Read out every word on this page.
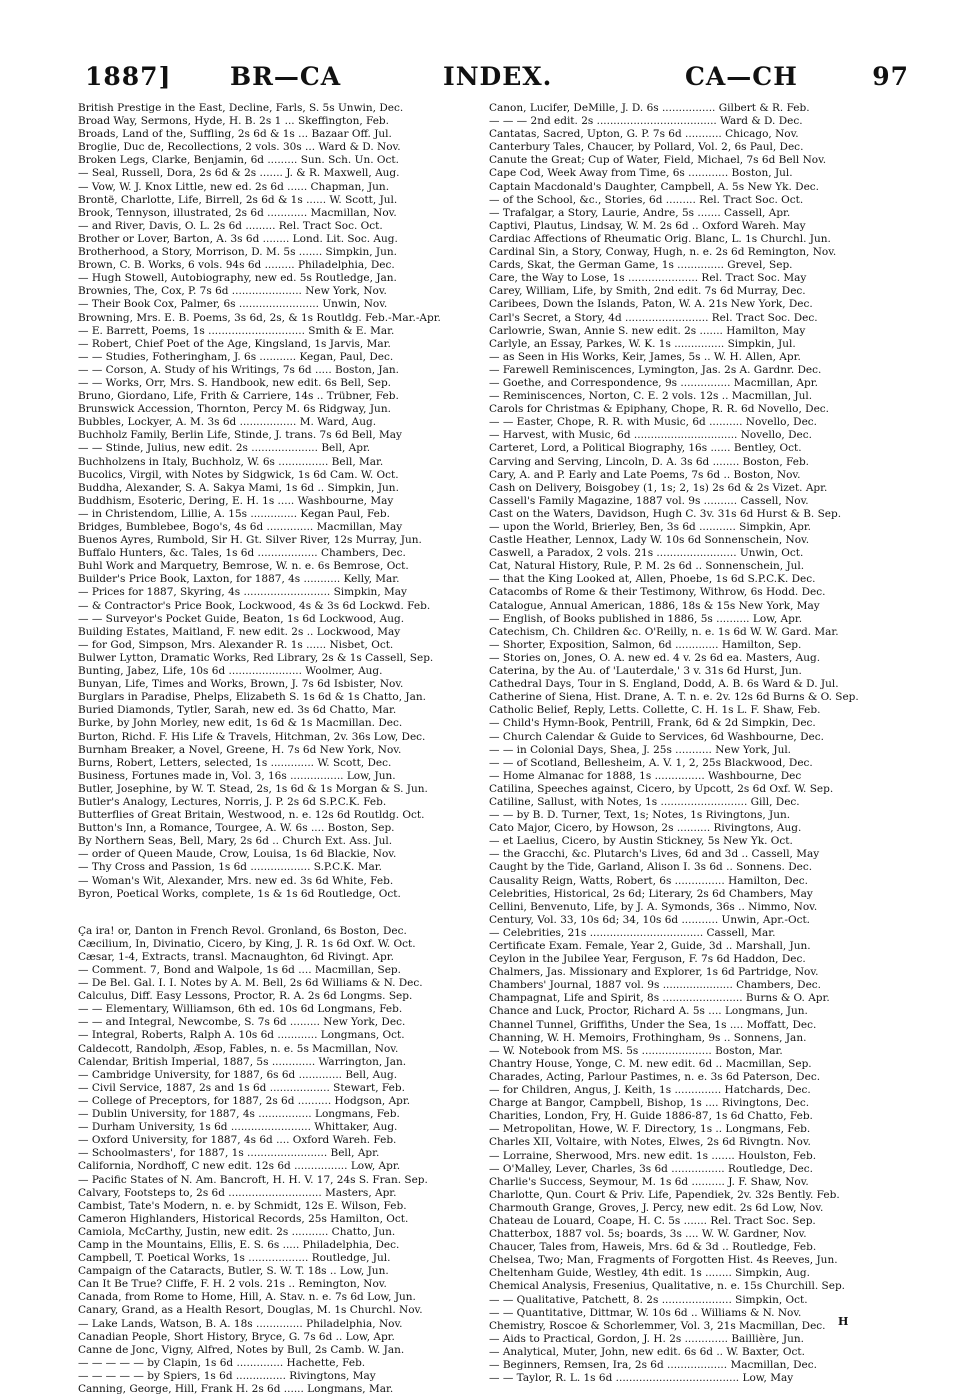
1887] BR—CA	INDEX.	CA—CH	97
British Prestige in the East, Decline, Farls, S. 5s Unwin, Dec.
Broad Way, Sermons, Hyde, H. B. 2s 1 ... Skeffington, Feb.
Broads, Land of the, Suffling, 2s 6d & 1s ... Bazaar Off. Jul.
Broglie, Duc de, Recollections, 2 vols. 30s ... Ward & D. Nov.
Broken Legs, Clarke, Benjamin, 6d ......... Sun. Sch. Un. Oct.
— Seal, Russell, Dora, 2s 6d & 2s ....... J. & R. Maxwell, Aug.
— Vow, W. J. Knox Little, new ed. 2s 6d ...... Chapman, Jun.
Brontë, Charlotte, Life, Birrell, 2s 6d & 1s ...... W. Scott, Jul.
Brook, Tennyson, illustrated, 2s 6d ............ Macmillan, Nov.
— and River, Davis, O. L. 2s 6d ......... Rel. Tract Soc. Oct.
Brother or Lover, Barton, A. 3s 6d ........ Lond. Lit. Soc. Aug.
Brotherhood, a Story, Morrison, D. M. 5s ....... Simpkin, Jun.
Brown, C. B. Works, 6 vols. 94s 6d ......... Philadelphia, Dec.
— Hugh Stowell, Autobiography, new ed. 5s Routledge, Jan.
Brownies, The, Cox, P. 7s 6d ..................... New York, Nov.
— Their Book Cox, Palmer, 6s ........................ Unwin, Nov.
Browning, Mrs. E. B. Poems, 3s 6d, 2s, & 1s Routldg. Feb.-Mar.-Apr.
— E. Barrett, Poems, 1s ............................. Smith & E. Mar.
— Robert, Chief Poet of the Age, Kingsland, 1s Jarvis, Mar.
— — Studies, Fotheringham, J. 6s ........... Kegan, Paul, Dec.
— — Corson, A. Study of his Writings, 7s 6d ..... Boston, Jan.
— — Works, Orr, Mrs. S. Handbook, new edit. 6s Bell, Sep.
Bruno, Giordano, Life, Frith & Carriere, 14s .. Trübner, Feb.
Brunswick Accession, Thornton, Percy M. 6s Ridgway, Jun.
Bubbles, Lockyer, A. M. 3s 6d ................. M. Ward, Aug.
Buchholz Family, Berlin Life, Stinde, J. trans. 7s 6d Bell, May
— — Stinde, Julius, new edit. 2s .................... Bell, Apr.
Buchholzens in Italy, Buchholz, W. 6s ............... Bell, Mar.
Bucolics, Virgil, with Notes by Sidgwick, 1s 6d Cam. W. Oct.
Buddha, Alexander, S. A. Sakya Mami, 1s 6d .. Simpkin, Jun.
Buddhism, Esoteric, Dering, E. H. 1s ..... Washbourne, May
— in Christendom, Lillie, A. 15s .............. Kegan Paul, Feb.
Bridges, Bumblebee, Bogo's, 4s 6d .............. Macmillan, May
Buenos Ayres, Rumbold, Sir H. Gt. Silver River, 12s Murray, Jun.
Buffalo Hunters, &c. Tales, 1s 6d .................. Chambers, Dec.
Buhl Work and Marquetry, Bemrose, W. n. e. 6s Bemrose, Oct.
Builder's Price Book, Laxton, for 1887, 4s ........... Kelly, Mar.
— Prices for 1887, Skyring, 4s .......................... Simpkin, May
— & Contractor's Price Book, Lockwood, 4s & 3s 6d Lockwd. Feb.
— — Surveyor's Pocket Guide, Beaton, 1s 6d Lockwood, Aug.
Building Estates, Maitland, F. new edit. 2s .. Lockwood, May
— for God, Simpson, Mrs. Alexander R. 1s ...... Nisbet, Oct.
Bulwer Lytton, Dramatic Works, Red Library, 2s & 1s Cassell, Sep.
Bunting, Jabez, Life, 10s 6d ...................... Woolmer, Aug.
Bunyan, Life, Times and Works, Brown, J. 7s 6d Isbister, Nov.
Burglars in Paradise, Phelps, Elizabeth S. 1s 6d & 1s Chatto, Jan.
Buried Diamonds, Tytler, Sarah, new ed. 3s 6d Chatto, Mar.
Burke, by John Morley, new edit, 1s 6d & 1s Macmillan. Dec.
Burton, Richd. F. His Life & Travels, Hitchman, 2v. 36s Low, Dec.
Burnham Breaker, a Novel, Greene, H. 7s 6d New York, Nov.
Burns, Robert, Letters, selected, 1s ............. W. Scott, Dec.
Business, Fortunes made in, Vol. 3, 16s ................ Low, Jun.
Butler, Josephine, by W. T. Stead, 2s, 1s 6d & 1s Morgan & S. Jun.
Butler's Analogy, Lectures, Norris, J. P. 2s 6d S.P.C.K. Feb.
Butterflies of Great Britain, Westwood, n. e. 12s 6d Routldg. Oct.
Button's Inn, a Romance, Tourgee, A. W. 6s .... Boston, Sep.
By Northern Seas, Bell, Mary, 2s 6d .. Church Ext. Ass. Jul.
— order of Queen Maude, Crow, Louisa, 1s 6d Blackie, Nov.
— Thy Cross and Passion, 1s 6d .................. S.P.C.K. Mar.
— Woman's Wit, Alexander, Mrs. new ed. 3s 6d White, Feb.
Byron, Poetical Works, complete, 1s & 1s 6d Routledge, Oct.
Ça ira! or, Danton in French Revol. Gronland, 6s Boston, Dec.
Cæcilium, In, Divinatio, Cicero, by King, J. R. 1s 6d Oxf. W. Oct.
Cæsar, 1-4, Extracts, transl. Macnaughton, 6d Rivingt. Apr.
— Comment. 7, Bond and Walpole, 1s 6d .... Macmillan, Sep.
— De Bel. Gal. I. I. Notes by A. M. Bell, 2s 6d Williams & N. Dec.
Calculus, Diff. Easy Lessons, Proctor, R. A. 2s 6d Longms. Sep.
— — Elementary, Williamson, 6th ed. 10s 6d Longmans, Feb.
— — and Integral, Newcombe, S. 7s 6d ......... New York, Dec.
— Integral, Roberts, Ralph A. 10s 6d ............ Longmans, Oct.
Caldecott, Randolph, Æsop, Fables, n. e. 5s Macmillan, Nov.
Calendar, British Imperial, 1887, 5s ............. Warrington, Jan.
— Cambridge University, for 1887, 6s 6d ............. Bell, Aug.
— Civil Service, 1887, 2s and 1s 6d .................. Stewart, Feb.
— College of Preceptors, for 1887, 2s 6d .......... Hodgson, Apr.
— Dublin University, for 1887, 4s ................ Longmans, Feb.
— Durham University, 1s 6d ........................ Whittaker, Aug.
— Oxford University, for 1887, 4s 6d .... Oxford Wareh. Feb.
— Schoolmasters', for 1887, 1s ........................ Bell, Apr.
California, Nordhoff, C new edit. 12s 6d ................ Low, Apr.
— Pacific States of N. Am. Bancroft, H. H. V. 17, 24s S. Fran. Sep.
Calvary, Footsteps to, 2s 6d ............................ Masters, Apr.
Cambist, Tate's Modern, n. e. by Schmidt, 12s E. Wilson, Feb.
Cameron Highlanders, Historical Records, 25s Hamilton, Oct.
Camiola, McCarthy, Justin, new edit. 2s ........... Chatto, Jun.
Camp in the Mountains, Ellis, E. S. 6s ..... Philadelphia, Dec.
Campbell, T. Poetical Works, 1s .................. Routledge, Jul.
Campaign of the Cataracts, Butler, S. W. T. 18s .. Low, Jun.
Can It Be True? Cliffe, F. H. 2 vols. 21s .. Remington, Nov.
Canada, from Rome to Home, Hill, A. Stav. n. e. 7s 6d Low, Jun.
Canary, Grand, as a Health Resort, Douglas, M. 1s Churchl. Nov.
— Lake Lands, Watson, B. A. 18s .............. Philadelphia, Nov.
Canadian People, Short History, Bryce, G. 7s 6d .. Low, Apr.
Canne de Jonc, Vigny, Alfred, Notes by Bull, 2s Camb. W. Jan.
— — — — — by Clapin, 1s 6d .............. Hachette, Feb.
— — — — — by Spiers, 1s 6d ............... Rivingtons, May
Canning, George, Hill, Frank H. 2s 6d ...... Longmans, Mar.
Canon, Lucifer, DeMille, J. D. 6s ................ Gilbert & R. Feb.
— — — 2nd edit. 2s .................................... Ward & D. Dec.
Cantatas, Sacred, Upton, G. P. 7s 6d ........... Chicago, Nov.
Canterbury Tales, Chaucer, by Pollard, Vol. 2, 6s Paul, Dec.
Canute the Great; Cup of Water, Field, Michael, 7s 6d Bell Nov.
Cape Cod, Week Away from Time, 6s ............ Boston, Jul.
Captain Macdonald's Daughter, Campbell, A. 5s New Yk. Dec.
— of the School, &c., Stories, 6d ......... Rel. Tract Soc. Oct.
— Trafalgar, a Story, Laurie, Andre, 5s ....... Cassell, Apr.
Captivi, Plautus, Lindsay, W. M. 2s 6d .. Oxford Wareh. May
Cardiac Affections of Rheumatic Orig. Blanc, L. 1s Churchl. Jun.
Cardinal Sin, a Story, Conway, Hugh, n. e. 2s 6d Remington, Nov.
Cards, Skat, the German Game, 1s .............. Grevel, Sep.
Care, the Way to Lose, 1s ..................... Rel. Tract Soc. May
Carey, William, Life, by Smith, 2nd edit. 7s 6d Murray, Dec.
Caribees, Down the Islands, Paton, W. A. 21s New York, Dec.
Carl's Secret, a Story, 4d ......................... Rel. Tract Soc. Dec.
Carlowrie, Swan, Annie S. new edit. 2s ....... Hamilton, May
Carlyle, an Essay, Parkes, W. K. 1s ............... Simpkin, Jul.
— as Seen in His Works, Keir, James, 5s .. W. H. Allen, Apr.
— Farewell Reminiscences, Lymington, Jas. 2s A. Gardnr. Dec.
— Goethe, and Correspondence, 9s ............... Macmillan, Apr.
— Reminiscences, Norton, C. E. 2 vols. 12s .. Macmillan, Jul.
Carols for Christmas & Epiphany, Chope, R. R. 6d Novello, Dec.
— — Easter, Chope, R. R. with Music, 6d .......... Novello, Dec.
— Harvest, with Music, 6d ............................... Novello, Dec.
Carteret, Lord, a Political Biography, 16s ...... Bentley, Oct.
Carving and Serving, Lincoln, D. A. 3s 6d ........ Boston, Feb.
Cary, A. and P. Early and Late Poems, 7s 6d .. Boston, Nov.
Cash on Delivery, Boisgobey (1, 1s; 2, 1s) 2s 6d & 2s Vizet. Apr.
Cassell's Family Magazine, 1887 vol. 9s .......... Cassell, Nov.
Cast on the Waters, Davidson, Hugh C. 3v. 31s 6d Hurst & B. Sep.
— upon the World, Brierley, Ben, 3s 6d ........... Simpkin, Apr.
Castle Heather, Lennox, Lady W. 10s 6d Sonnenschein, Nov.
Caswell, a Paradox, 2 vols. 21s ........................ Unwin, Oct.
Cat, Natural History, Rule, P. M. 2s 6d .. Sonnenschein, Jul.
— that the King Looked at, Allen, Phoebe, 1s 6d S.P.C.K. Dec.
Catacombs of Rome & their Testimony, Withrow, 6s Hodd. Dec.
Catalogue, Annual American, 1886, 18s & 15s New York, May
— English, of Books published in 1886, 5s .......... Low, Apr.
Catechism, Ch. Children &c. O'Reilly, n. e. 1s 6d W. W. Gard. Mar.
— Shorter, Exposition, Salmon, 6d ............. Hamilton, Sep.
— Stories on, Jones, O. A. new ed. 4 v. 2s 6d ea. Masters, Aug.
Caterina, by the Au. of 'Lauterdale,' 3 v. 31s 6d Hurst, Jun.
Cathedral Days, Tour in S. England, Dodd, A. B. 6s Ward & D. Jul.
Catherine of Siena, Hist. Drane, A. T. n. e. 2v. 12s 6d Burns & O. Sep.
Catholic Belief, Reply, Letts. Collette, C. H. 1s L. F. Shaw, Feb.
— Child's Hymn-Book, Pentrill, Frank, 6d & 2d Simpkin, Dec.
— Church Calendar & Guide to Services, 6d Washbourne, Dec.
— — in Colonial Days, Shea, J. 25s ........... New York, Jul.
— — of Scotland, Bellesheim, A. V. 1, 2, 25s Blackwood, Dec.
— Home Almanac for 1888, 1s ............... Washbourne, Dec
Catilina, Speeches against, Cicero, by Upcott, 2s 6d Oxf. W. Sep.
Catiline, Sallust, with Notes, 1s .......................... Gill, Dec.
— — by B. D. Turner, Text, 1s; Notes, 1s Rivingtons, Jun.
Cato Major, Cicero, by Howson, 2s .......... Rivingtons, Aug.
— et Laelius, Cicero, by Austin Stickney, 5s New Yk. Oct.
— the Gracchi, &c. Plutarch's Lives, 6d and 3d .. Cassell, May
Caught by the Tide, Garland, Alison I. 3s 6d .. Sonnens. Dec.
Causality Reign, Watts, Robert, 6s ............... Hamilton, Dec.
Celebrities, Historical, 2s 6d; Literary, 2s 6d Chambers, May
Cellini, Benvenuto, Life, by J. A. Symonds, 36s .. Nimmo, Nov.
Century, Vol. 33, 10s 6d; 34, 10s 6d ........... Unwin, Apr.-Oct.
— Celebrities, 21s .................................. Cassell, Mar.
Certificate Exam. Female, Year 2, Guide, 3d .. Marshall, Jun.
Ceylon in the Jubilee Year, Ferguson, F. 7s 6d Haddon, Dec.
Chalmers, Jas. Missionary and Explorer, 1s 6d Partridge, Nov.
Chambers' Journal, 1887 vol. 9s ..................... Chambers, Dec.
Champagnat, Life and Spirit, 8s ........................ Burns & O. Apr.
Chance and Luck, Proctor, Richard A. 5s .... Longmans, Jun.
Channel Tunnel, Griffiths, Under the Sea, 1s .... Moffatt, Dec.
Channing, W. H. Memoirs, Frothingham, 9s .. Sonnens, Jan.
— W. Notebook from MS. 5s ..................... Boston, Mar.
Chantry House, Yonge, C. M. new edit. 6d .. Macmillan, Sep.
Charades, Acting, Parlour Pastimes, n. e. 3s 6d Paterson, Dec.
— for Children, Angus, J. Keith, 1s .............. Hatchards, Dec.
Charge at Bangor, Campbell, Bishop, 1s .... Rivingtons, Dec.
Charities, London, Fry, H. Guide 1886-87, 1s 6d Chatto, Feb.
— Metropolitan, Howe, W. F. Directory, 1s .. Longmans, Feb.
Charles XII, Voltaire, with Notes, Elwes, 2s 6d Rivngtn. Nov.
— Lorraine, Sherwood, Mrs. new edit. 1s ....... Houlston, Feb.
— O'Malley, Lever, Charles, 3s 6d ................ Routledge, Dec.
Charlie's Success, Seymour, M. 1s 6d .......... J. F. Shaw, Nov.
Charlotte, Qun. Court & Priv. Life, Papendiek, 2v. 32s Bently. Feb.
Charmouth Grange, Groves, J. Percy, new edit. 2s 6d Low, Nov.
Chateau de Louard, Coape, H. C. 5s ....... Rel. Tract Soc. Sep.
Chatterbox, 1887 vol. 5s; boards, 3s .... W. W. Gardner, Nov.
Chaucer, Tales from, Haweis, Mrs. 6d & 3d .. Routledge, Feb.
Chelsea, Two; Man, Fragments of Forgotten Hist. 4s Reeves, Jun.
Cheltenham Guide, Westley, 4th edit. 1s ........ Simpkin, Aug.
Chemical Analysis, Fresenius, Qualitative, n. e. 15s Churchill. Sep.
— — Qualitative, Patchett, 8. 2s ..................... Simpkin, Oct.
— — Quantitative, Dittmar, W. 10s 6d .. Williams & N. Nov.
Chemistry, Roscoe & Schorlemmer, Vol. 3, 21s Macmillan, Dec.
— Aids to Practical, Gordon, J. H. 2s ............. Baillière, Jun.
— Analytical, Muter, John, new edit. 6s 6d .. W. Baxter, Oct.
— Beginners, Remsen, Ira, 2s 6d .................. Macmillan, Dec.
— — Taylor, R. L. 1s 6d ..................................... Low, May
H
